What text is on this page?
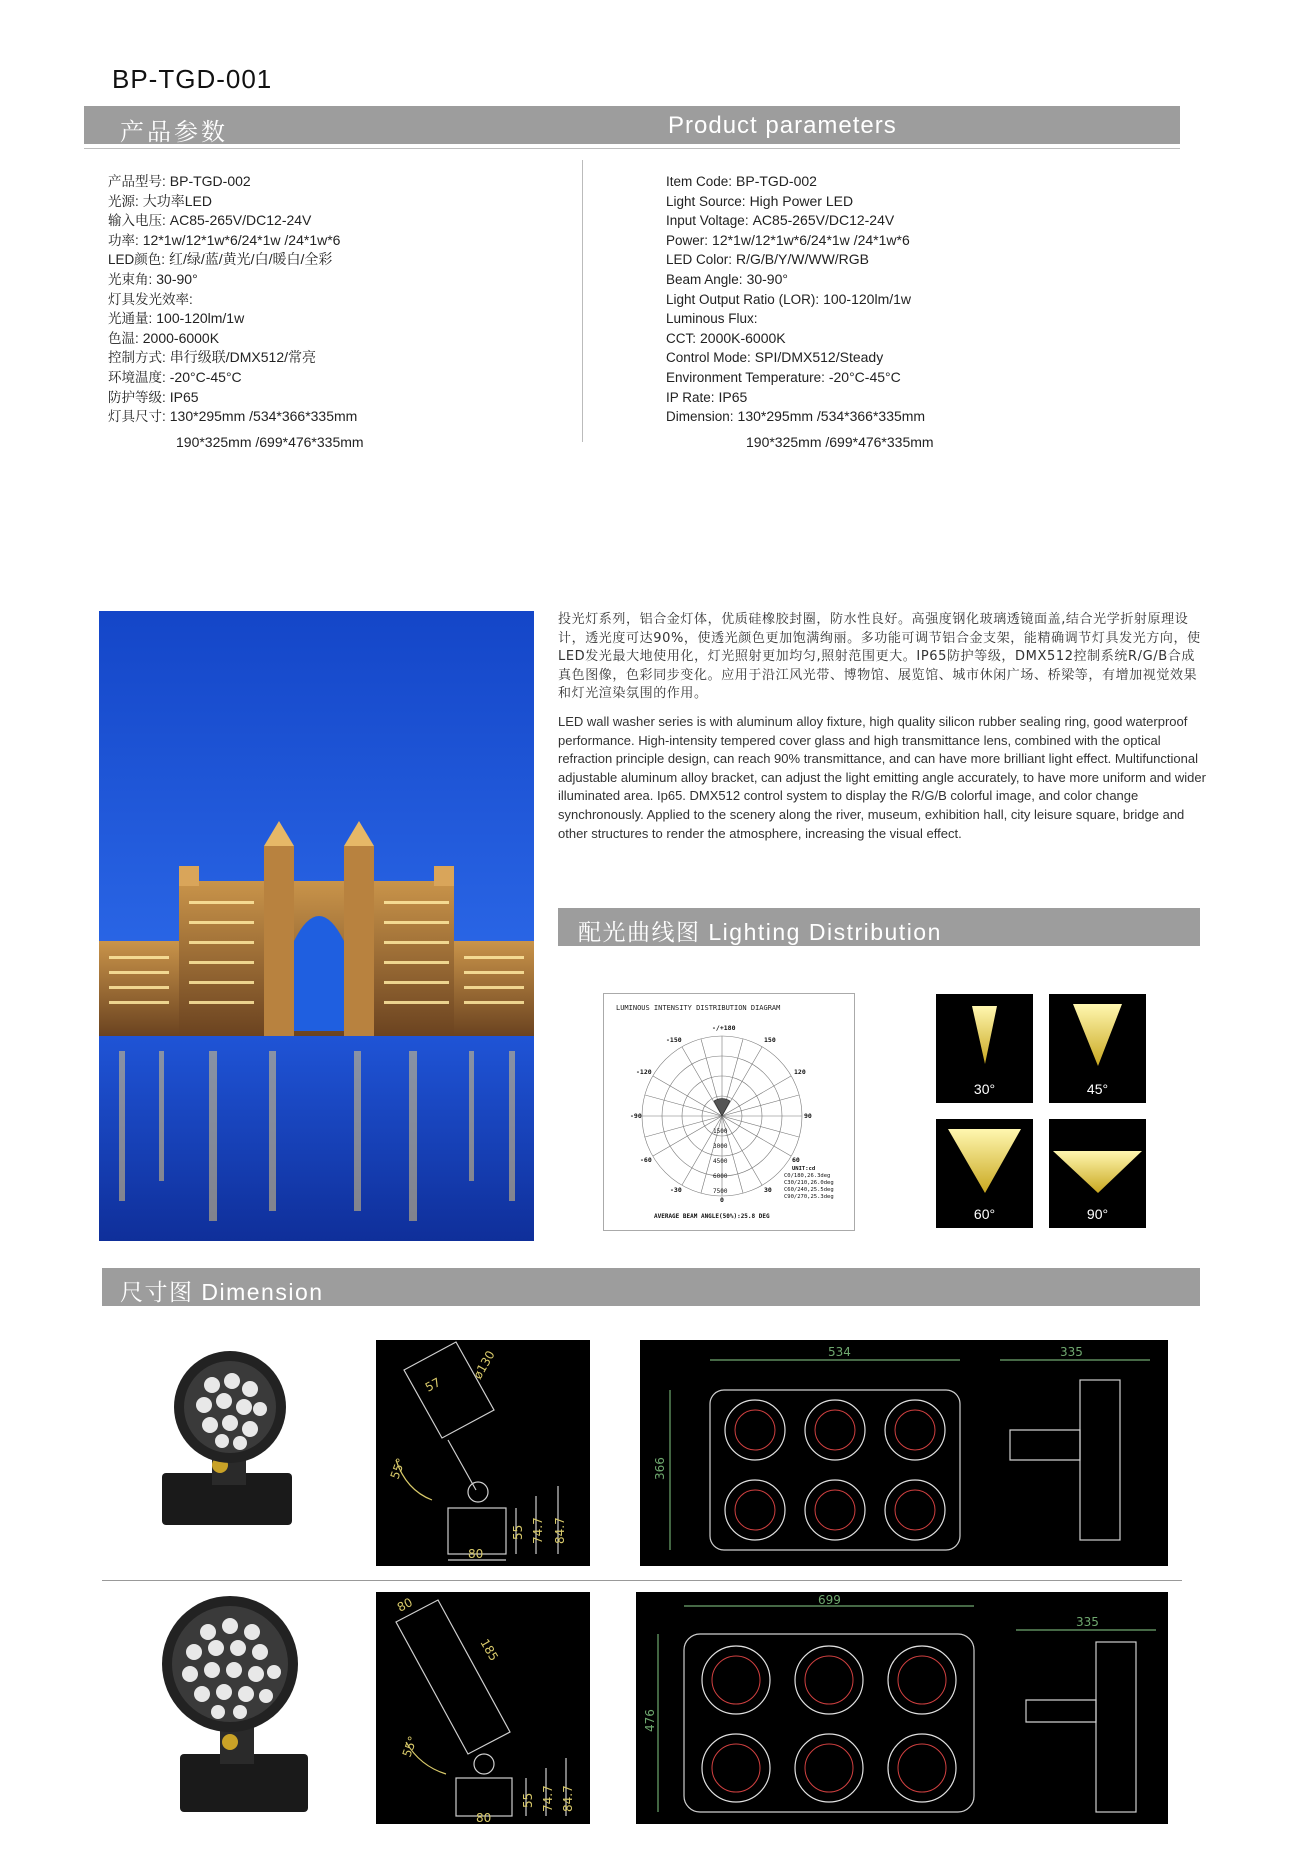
BP-TGD-001
产品参数	Product parameters
产品型号: BP-TGD-002
光源: 大功率LED
输入电压: AC85-265V/DC12-24V
功率: 12*1w/12*1w*6/24*1w /24*1w*6
LED颜色: 红/绿/蓝/黄光/白/暖白/全彩
光束角: 30-90°
灯具发光效率:
光通量: 100-120lm/1w
色温: 2000-6000K
控制方式: 串行级联/DMX512/常亮
环境温度: -20°C-45°C
防护等级: IP65
灯具尺寸: 130*295mm /534*366*335mm
190*325mm /699*476*335mm
Item Code: BP-TGD-002
Light Source: High Power LED
Input Voltage: AC85-265V/DC12-24V
Power: 12*1w/12*1w*6/24*1w /24*1w*6
LED Color: R/G/B/Y/W/WW/RGB
Beam Angle: 30-90°
Light Output Ratio (LOR): 100-120lm/1w
Luminous Flux:
CCT: 2000K-6000K
Control Mode: SPI/DMX512/Steady
Environment Temperature: -20°C-45°C
IP Rate: IP65
Dimension: 130*295mm /534*366*335mm
190*325mm /699*476*335mm
投光灯系列，铝合金灯体，优质硅橡胶封圈，防水性良好。高强度钢化玻璃透镜面盖,结合光学折射原理设计，透光度可达90%，使透光颜色更加饱满绚丽。多功能可调节铝合金支架，能精确调节灯具发光方向，使LED发光最大地使用化，灯光照射更加均匀,照射范围更大。IP65防护等级，DMX512控制系统R/G/B合成真色图像，色彩同步变化。应用于沿江风光带、博物馆、展览馆、城市休闲广场、桥梁等，有增加视觉效果和灯光渲染氛围的作用。
LED wall washer series is with aluminum alloy fixture, high quality silicon rubber sealing ring, good waterproof performance. High-intensity tempered cover glass and high transmittance lens, combined with the optical refraction principle design, can reach 90% transmittance, and can have more brilliant light effect. Multifunctional adjustable aluminum alloy bracket, can adjust the light emitting angle accurately, to have more uniform and wider illuminated area. Ip65. DMX512 control system to display the R/G/B colorful image, and color change synchronously. Applied to the scenery along the river, museum, exhibition hall, city leisure square, bridge and other structures to render the atmosphere, increasing the visual effect.
配光曲线图 Lighting Distribution
LUMINOUS INTENSITY DISTRIBUTION DIAGRAM
-/+180
-150	150
-120	120
-90	90
-60	60
-30	30
0
1500
3000
4500
6000
7500
UNIT:cd
C0/180,26.3deg
C30/210,26.0deg
C60/240,25.5deg
C90/270,25.3deg
AVERAGE BEAM ANGLE(50%):25.8 DEG
30°	45°
60°	90°
尺寸图 Dimension
57
ø130
55°
55 74.7 84.7
80
534
366
335
80
185
55°
55 74.7 84.7
80
699
476
335
